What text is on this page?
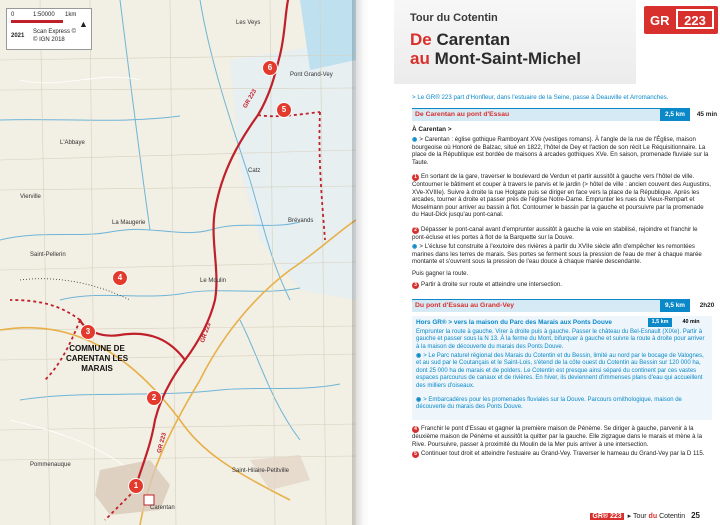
0	1:50000 1km
▲
2021
Scan Express ©
© IGN 2018
Carentan
Saint-Hilaire-Petitville
Brévands
Catz
Les Veys
Vierville
Pont Grand-Vey
Pommenauque
Saint-Pellerin
Le Moulin
La Maugerie
L'Abbaye
COMMUNE DE CARENTAN LES MARAIS
1
2
3
4
5
6
GR 223
GR 223
GR 223
Tour du Cotentin
De Carentan
au Mont-Saint-Michel
GR	223
> Le GR® 223 part d'Honfleur, dans l'estuaire de la Seine, passe à Deauville et Arromanches.
De Carentan au pont d'Essau	2,5 km	45 min
À Carentan >
◉ > Carentan : église gothique Ramboyant XVe (vestiges romans). À l'angle de la rue de l'Église, maison bourgeoise où Honoré de Balzac, situé en 1822, l'hôtel de Dey et l'action de son récit Le Réquisitionnaire. La place de la République est bordée de maisons à arcades gothiques XVe. En saison, promenade fluviale sur la Taute.
1 En sortant de la gare, traverser le boulevard de Verdun et partir aussitôt à gauche vers l'hôtel de ville. Contourner le bâtiment et couper à travers le parvis et le jardin (> hôtel de ville : ancien couvent des Augustins, XVe-XVIIIe). Suivre à droite la rue Holgate puis se diriger en face vers la place de la République. Après les arcades, tourner à droite et passer près de l'église Notre-Dame. Emprunter les rues du Vieux-Rempart et Moselmann pour arriver au bassin à flot. Contourner le bassin par la gauche et poursuivre par la promenade du Haut-Dick jusqu'au pont-canal.
2 Dépasser le pont-canal avant d'emprunter aussitôt à gauche la voie en stabilisé, rejoindre et franchir le pont-écluse et les portes à flot de la Barquette sur la Douve.
◉ > L'écluse fut construite à l'exutoire des rivières à partir du XVIIe siècle afin d'empêcher les remontées marines dans les terres de marais. Ses portes se ferment sous la pression de l'eau de mer à chaque marée montante et s'ouvrent sous la pression de l'eau douce à chaque marée descendante.
Puis gagner la route.
3 Partir à droite sur route et atteindre une intersection.
Du pont d'Essau au Grand-Vey	9,5 km	2h20
Hors GR® > vers la maison du Parc des Marais aux Ponts Douve	1,5 km	40 min
Emprunter la route à gauche. Virer à droite puis à gauche. Passer le château du Bel-Esnault (XIXe). Partir à gauche et passer sous la N 13. À la ferme du Mont, bifurquer à gauche et suivre la route à droite pour arriver à la maison de découverte du marais des Ponts Douve.
◉ > Le Parc naturel régional des Marais du Cotentin et du Bessin, limité au nord par le bocage de Valognes, et au sud par le Coutançais et le Saint-Lois, s'étend de la côte ouest du Cotentin au Bessin sur 120 000 ha, dont 25 000 ha de marais et de polders. Le Cotentin est presque ainsi séparé du continent par ces vastes espaces parcourus de canaux et de rivières. En hiver, ils deviennent d'immenses plans d'eau qui accueillent des milliers d'oiseaux.
◉ > Embarcadères pour les promenades fluviales sur la Douve. Parcours ornithologique, maison de découverte du marais des Ponts Douve.
4 Franchir le pont d'Essau et gagner la première maison de Pénème. Se diriger à gauche, parvenir à la deuxième maison de Pénème et aussitôt la quitter par la gauche. Elle zigzague dans le marais et mène à la Rive. Poursuivre, passer à proximité du Moulin de la Mer puis arriver à une intersection.
5 Continuer tout droit et atteindre l'estuaire au Grand-Vey. Traverser le hameau du Grand-Vey par la D 115.
GR® 223 ▸ Tour du Cotentin 25
